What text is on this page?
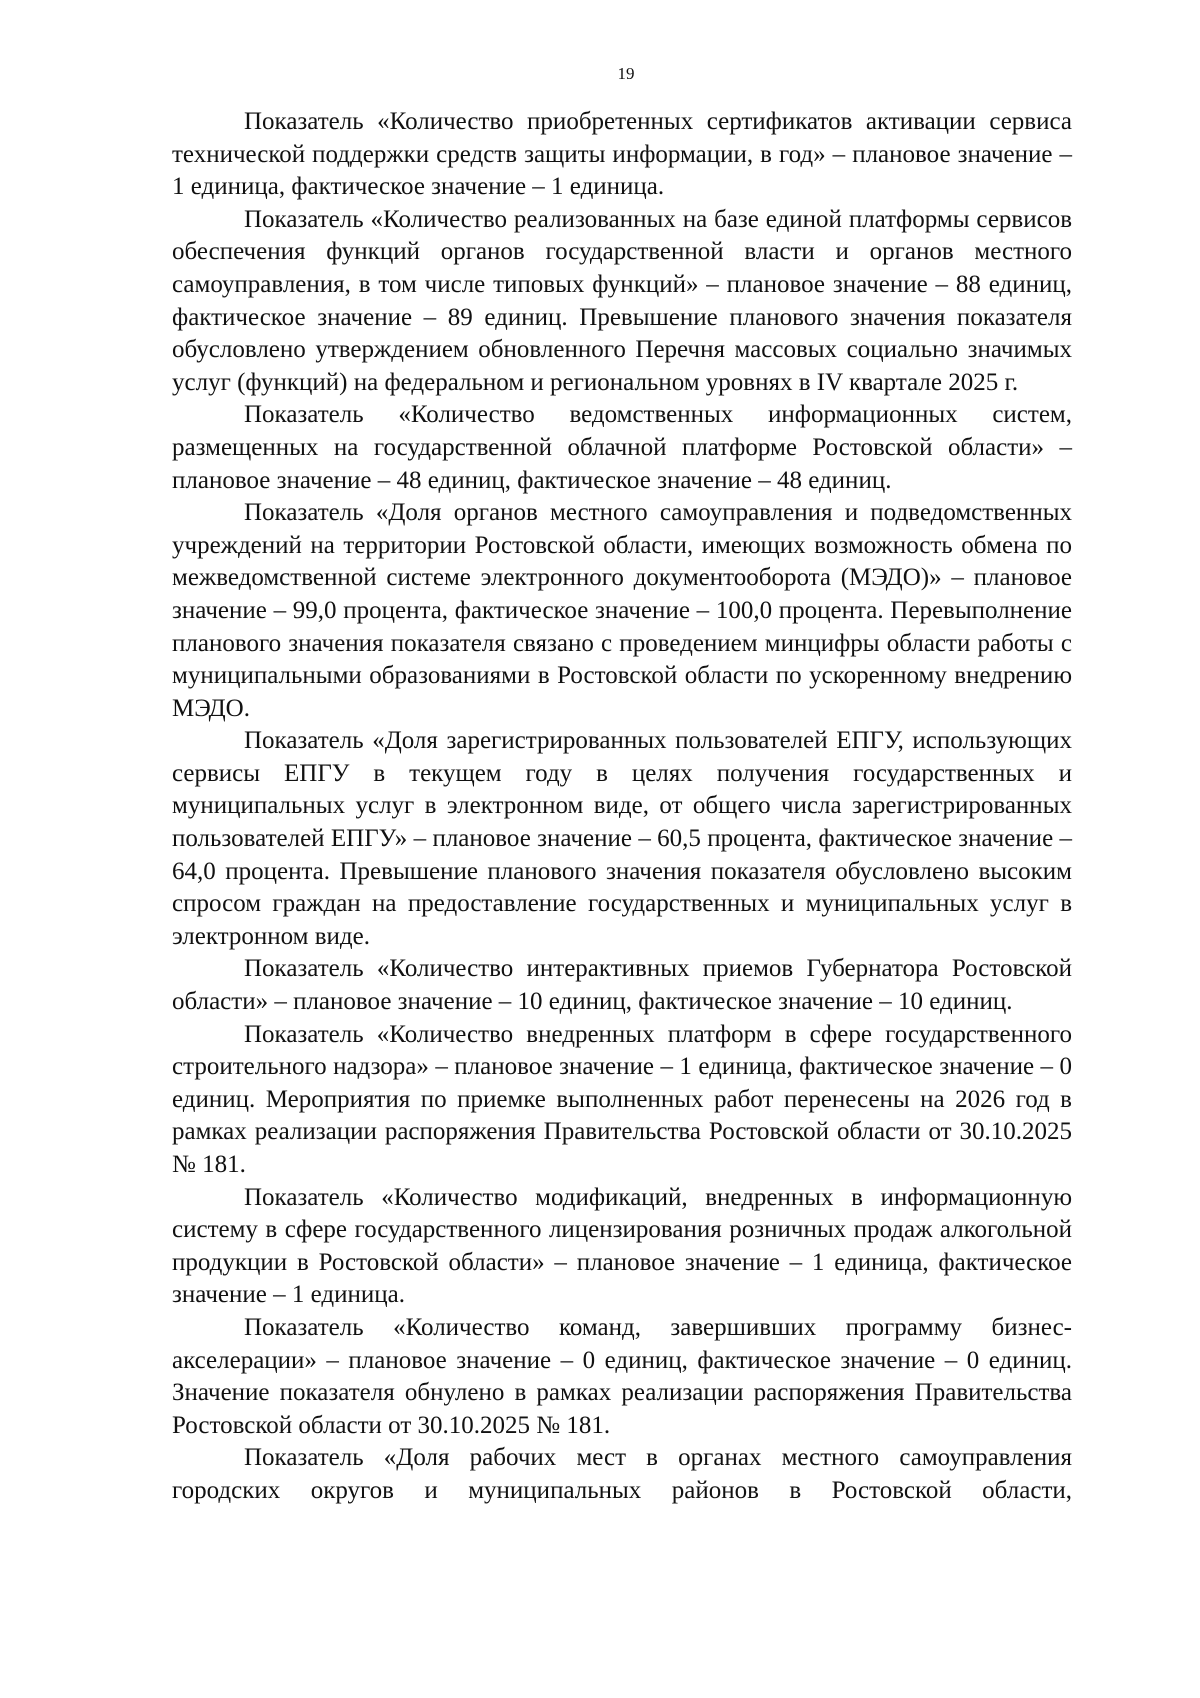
19

Показатель «Количество приобретенных сертификатов активации сервиса технической поддержки средств защиты информации, в год» – плановое значение – 1 единица, фактическое значение – 1 единица.

Показатель «Количество реализованных на базе единой платформы сервисов обеспечения функций органов государственной власти и органов местного самоуправления, в том числе типовых функций» – плановое значение – 88 единиц, фактическое значение – 89 единиц. Превышение планового значения показателя обусловлено утверждением обновленного Перечня массовых социально значимых услуг (функций) на федеральном и региональном уровнях в IV квартале 2025 г.

Показатель «Количество ведомственных информационных систем, размещенных на государственной облачной платформе Ростовской области» – плановое значение – 48 единиц, фактическое значение – 48 единиц.

Показатель «Доля органов местного самоуправления и подведомственных учреждений на территории Ростовской области, имеющих возможность обмена по межведомственной системе электронного документооборота (МЭДО)» – плановое значение – 99,0 процента, фактическое значение – 100,0 процента. Перевыполнение планового значения показателя связано с проведением минцифры области работы с муниципальными образованиями в Ростовской области по ускоренному внедрению МЭДО.

Показатель «Доля зарегистрированных пользователей ЕПГУ, использующих сервисы ЕПГУ в текущем году в целях получения государственных и муниципальных услуг в электронном виде, от общего числа зарегистрированных пользователей ЕПГУ» – плановое значение – 60,5 процента, фактическое значение – 64,0 процента. Превышение планового значения показателя обусловлено высоким спросом граждан на предоставление государственных и муниципальных услуг в электронном виде.

Показатель «Количество интерактивных приемов Губернатора Ростовской области» – плановое значение – 10 единиц, фактическое значение – 10 единиц.

Показатель «Количество внедренных платформ в сфере государственного строительного надзора» – плановое значение – 1 единица, фактическое значение – 0 единиц. Мероприятия по приемке выполненных работ перенесены на 2026 год в рамках реализации распоряжения Правительства Ростовской области от 30.10.2025 № 181.

Показатель «Количество модификаций, внедренных в информационную систему в сфере государственного лицензирования розничных продаж алкогольной продукции в Ростовской области» – плановое значение – 1 единица, фактическое значение – 1 единица.

Показатель «Количество команд, завершивших программу бизнес-акселерации» – плановое значение – 0 единиц, фактическое значение – 0 единиц. Значение показателя обнулено в рамках реализации распоряжения Правительства Ростовской области от 30.10.2025 № 181.

Показатель «Доля рабочих мест в органах местного самоуправления городских округов и муниципальных районов в Ростовской области,
